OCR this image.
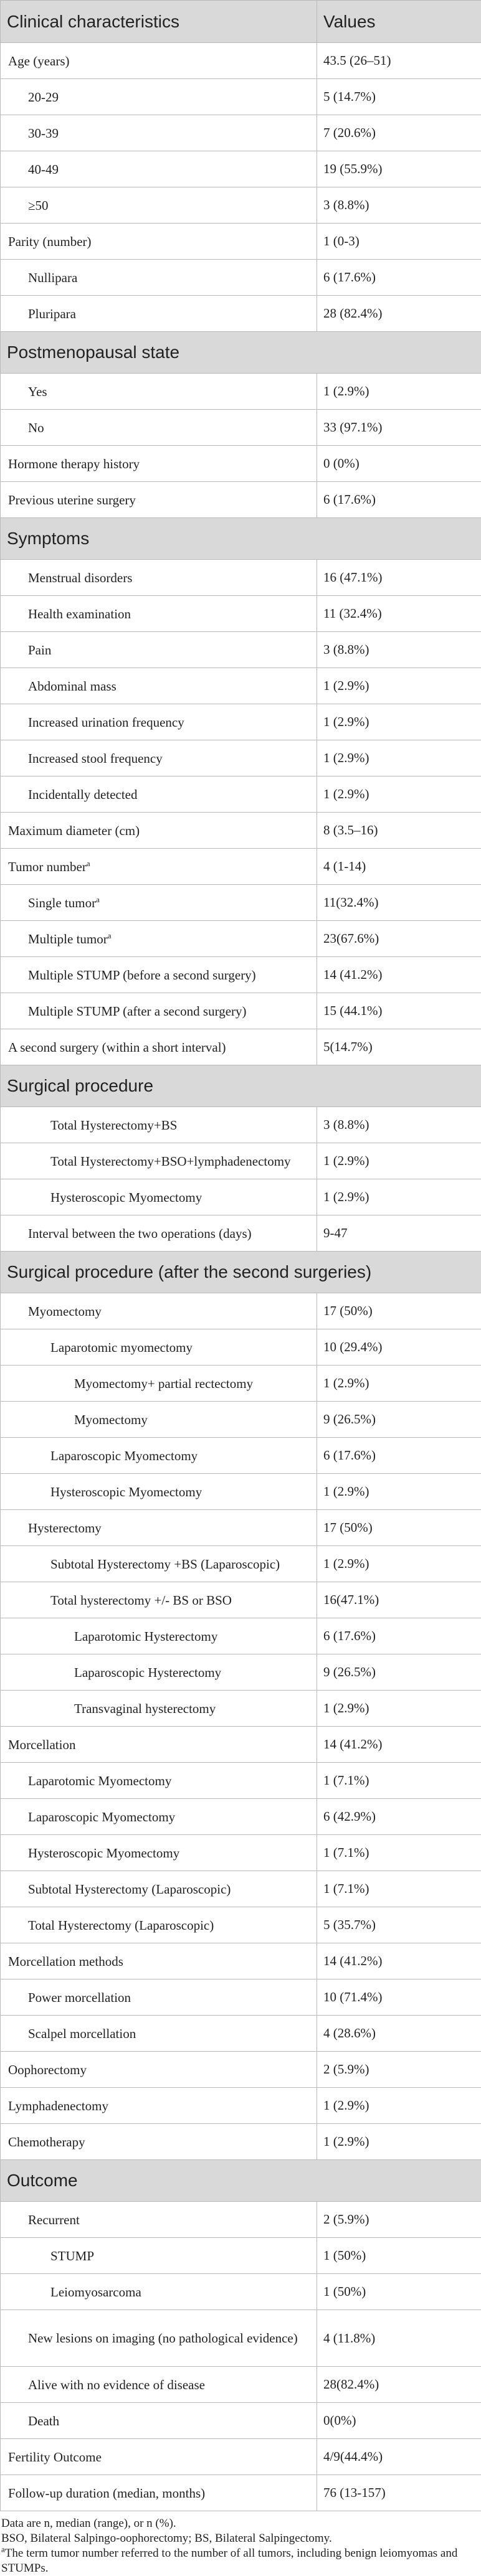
Clinical characteristics	Values
Age (years)	43.5 (26–51)
20-29	5 (14.7%)
30-39	7 (20.6%)
40-49	19 (55.9%)
≥50	3 (8.8%)
Parity (number)	1 (0-3)
Nullipara	6 (17.6%)
Pluripara	28 (82.4%)
Postmenopausal state	
Yes	1 (2.9%)
No	33 (97.1%)
Hormone therapy history	0 (0%)
Previous uterine surgery	6 (17.6%)
Symptoms	
Menstrual disorders	16 (47.1%)
Health examination	11 (32.4%)
Pain	3 (8.8%)
Abdominal mass	1 (2.9%)
Increased urination frequency	1 (2.9%)
Increased stool frequency	1 (2.9%)
Incidentally detected	1 (2.9%)
Maximum diameter (cm)	8 (3.5–16)
Tumor number$^a$	4 (1-14)
Single tumor$^a$	11(32.4%)
Multiple tumor$^a$	23(67.6%)
Multiple STUMP (before a second surgery)	14 (41.2%)
Multiple STUMP (after a second surgery)	15 (44.1%)
A second surgery (within a short interval)	5(14.7%)
Surgical procedure	
Total Hysterectomy+BS	3 (8.8%)
Total Hysterectomy+BSO+lymphadenectomy	1 (2.9%)
Hysteroscopic Myomectomy	1 (2.9%)
Interval between the two operations (days)	9-47
Surgical procedure (after the second surgeries)	
Myomectomy	17 (50%)
Laparotomic myomectomy	10 (29.4%)
Myomectomy+ partial rectectomy	1 (2.9%)
Myomectomy	9 (26.5%)
Laparoscopic Myomectomy	6 (17.6%)
Hysteroscopic Myomectomy	1 (2.9%)
Hysterectomy	17 (50%)
Subtotal Hysterectomy +BS (Laparoscopic)	1 (2.9%)
Total hysterectomy +/- BS or BSO	16(47.1%)
Laparotomic Hysterectomy	6 (17.6%)
Laparoscopic Hysterectomy	9 (26.5%)
Transvaginal hysterectomy	1 (2.9%)
Morcellation	14 (41.2%)
Laparotomic Myomectomy	1 (7.1%)
Laparoscopic Myomectomy	6 (42.9%)
Hysteroscopic Myomectomy	1 (7.1%)
Subtotal Hysterectomy (Laparoscopic)	1 (7.1%)
Total Hysterectomy (Laparoscopic)	5 (35.7%)
Morcellation methods	14 (41.2%)
Power morcellation	10 (71.4%)
Scalpel morcellation	4 (28.6%)
Oophorectomy	2 (5.9%)
Lymphadenectomy	1 (2.9%)
Chemotherapy	1 (2.9%)
Outcome	
Recurrent	2 (5.9%)
STUMP	1 (50%)
Leiomyosarcoma	1 (50%)
New lesions on imaging (no pathological evidence)	4 (11.8%)
Alive with no evidence of disease	28(82.4%)
Death	0(0%)
Fertility Outcome	4/9(44.4%)
Follow-up duration (median, months)	76 (13-157)
Data are n, median (range), or n (%).
BSO, Bilateral Salpingo-oophorectomy; BS, Bilateral Salpingectomy.
$^a$The term tumor number referred to the number of all tumors, including benign leiomyomas and STUMPs.
